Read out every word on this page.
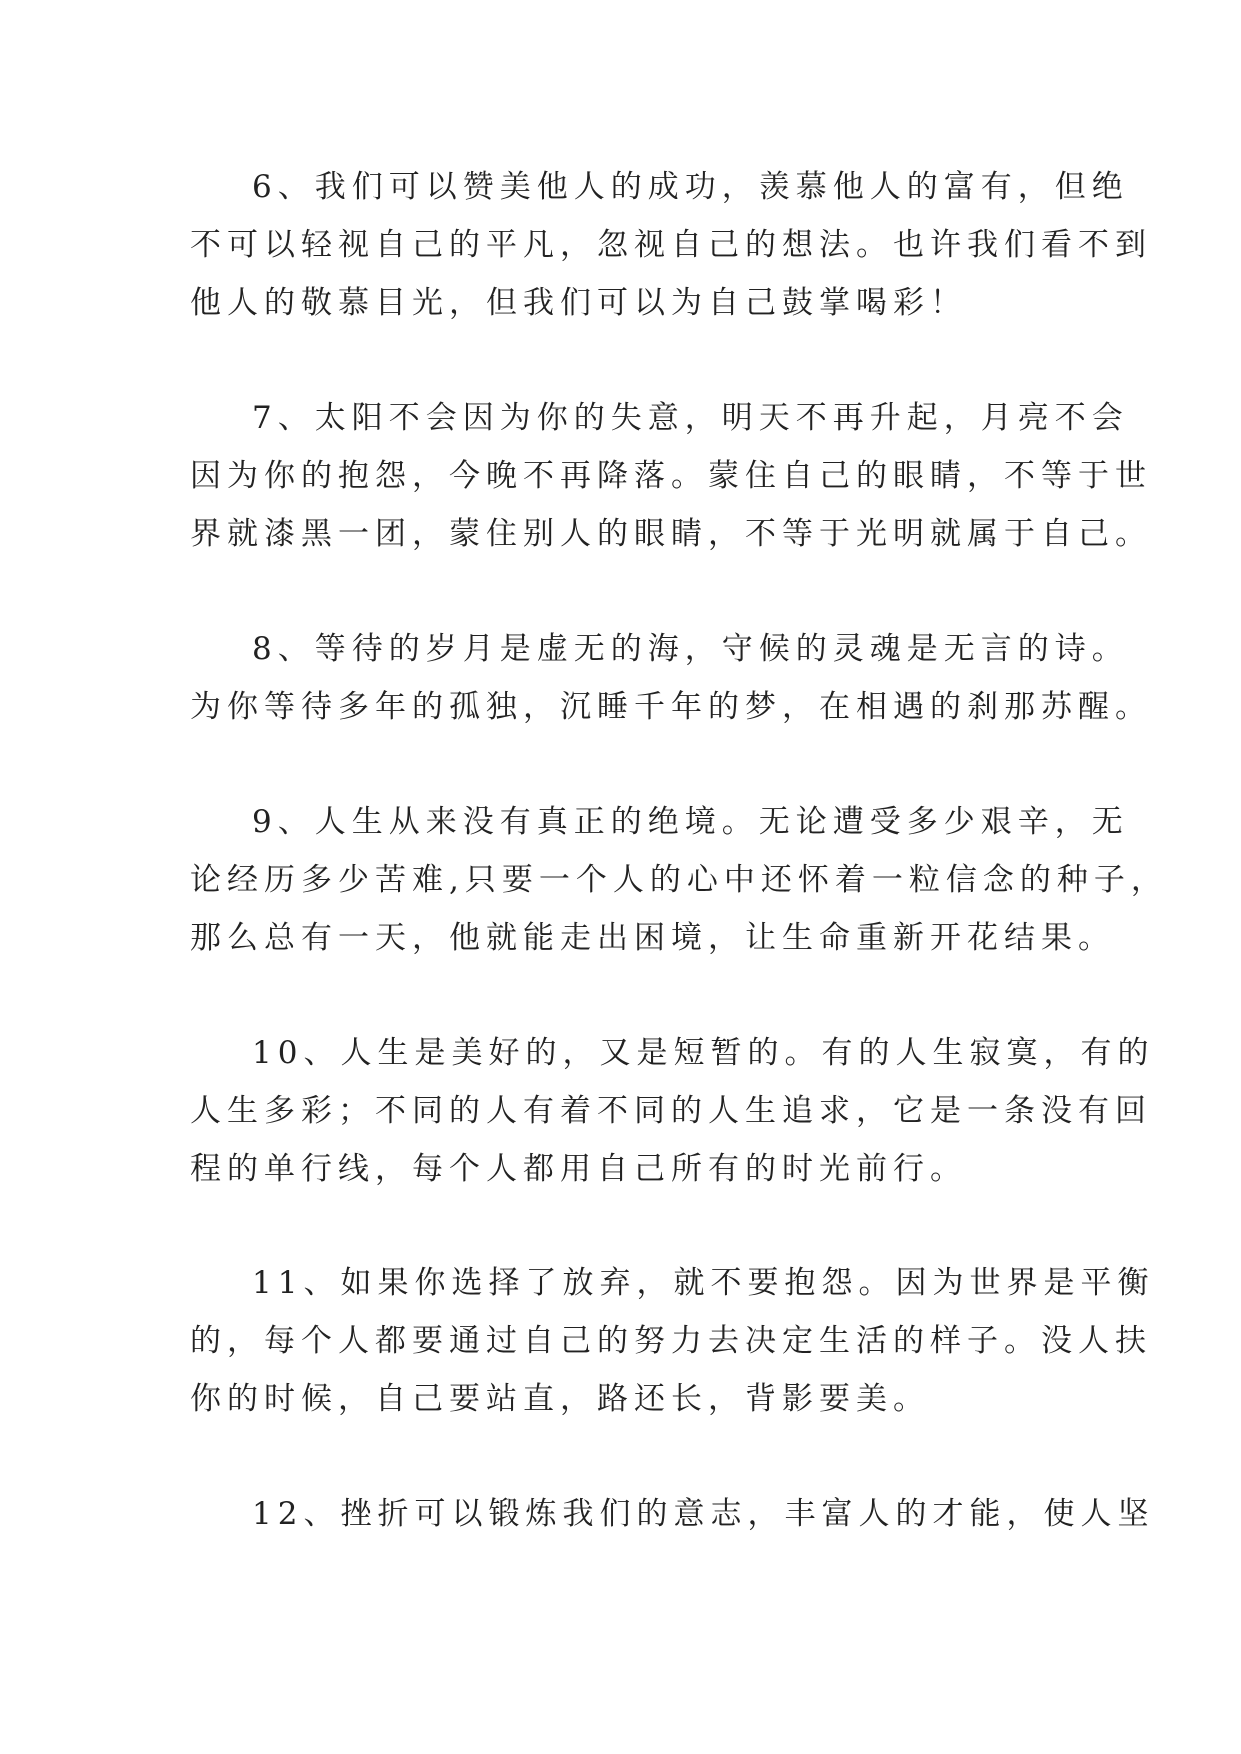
6、我们可以赞美他人的成功，羡慕他人的富有，但绝
不可以轻视自己的平凡，忽视自己的想法。也许我们看不到
他人的敬慕目光，但我们可以为自己鼓掌喝彩！
7、太阳不会因为你的失意，明天不再升起，月亮不会
因为你的抱怨，今晚不再降落。蒙住自己的眼睛，不等于世
界就漆黑一团，蒙住别人的眼睛，不等于光明就属于自己。
8、等待的岁月是虚无的海，守候的灵魂是无言的诗。
为你等待多年的孤独，沉睡千年的梦，在相遇的刹那苏醒。
9、人生从来没有真正的绝境。无论遭受多少艰辛，无
论经历多少苦难,只要一个人的心中还怀着一粒信念的种子，
那么总有一天，他就能走出困境，让生命重新开花结果。
10、人生是美好的，又是短暂的。有的人生寂寞，有的
人生多彩；不同的人有着不同的人生追求，它是一条没有回
程的单行线，每个人都用自己所有的时光前行。
11、如果你选择了放弃，就不要抱怨。因为世界是平衡
的，每个人都要通过自己的努力去决定生活的样子。没人扶
你的时候，自己要站直，路还长，背影要美。
12、挫折可以锻炼我们的意志，丰富人的才能，使人坚
